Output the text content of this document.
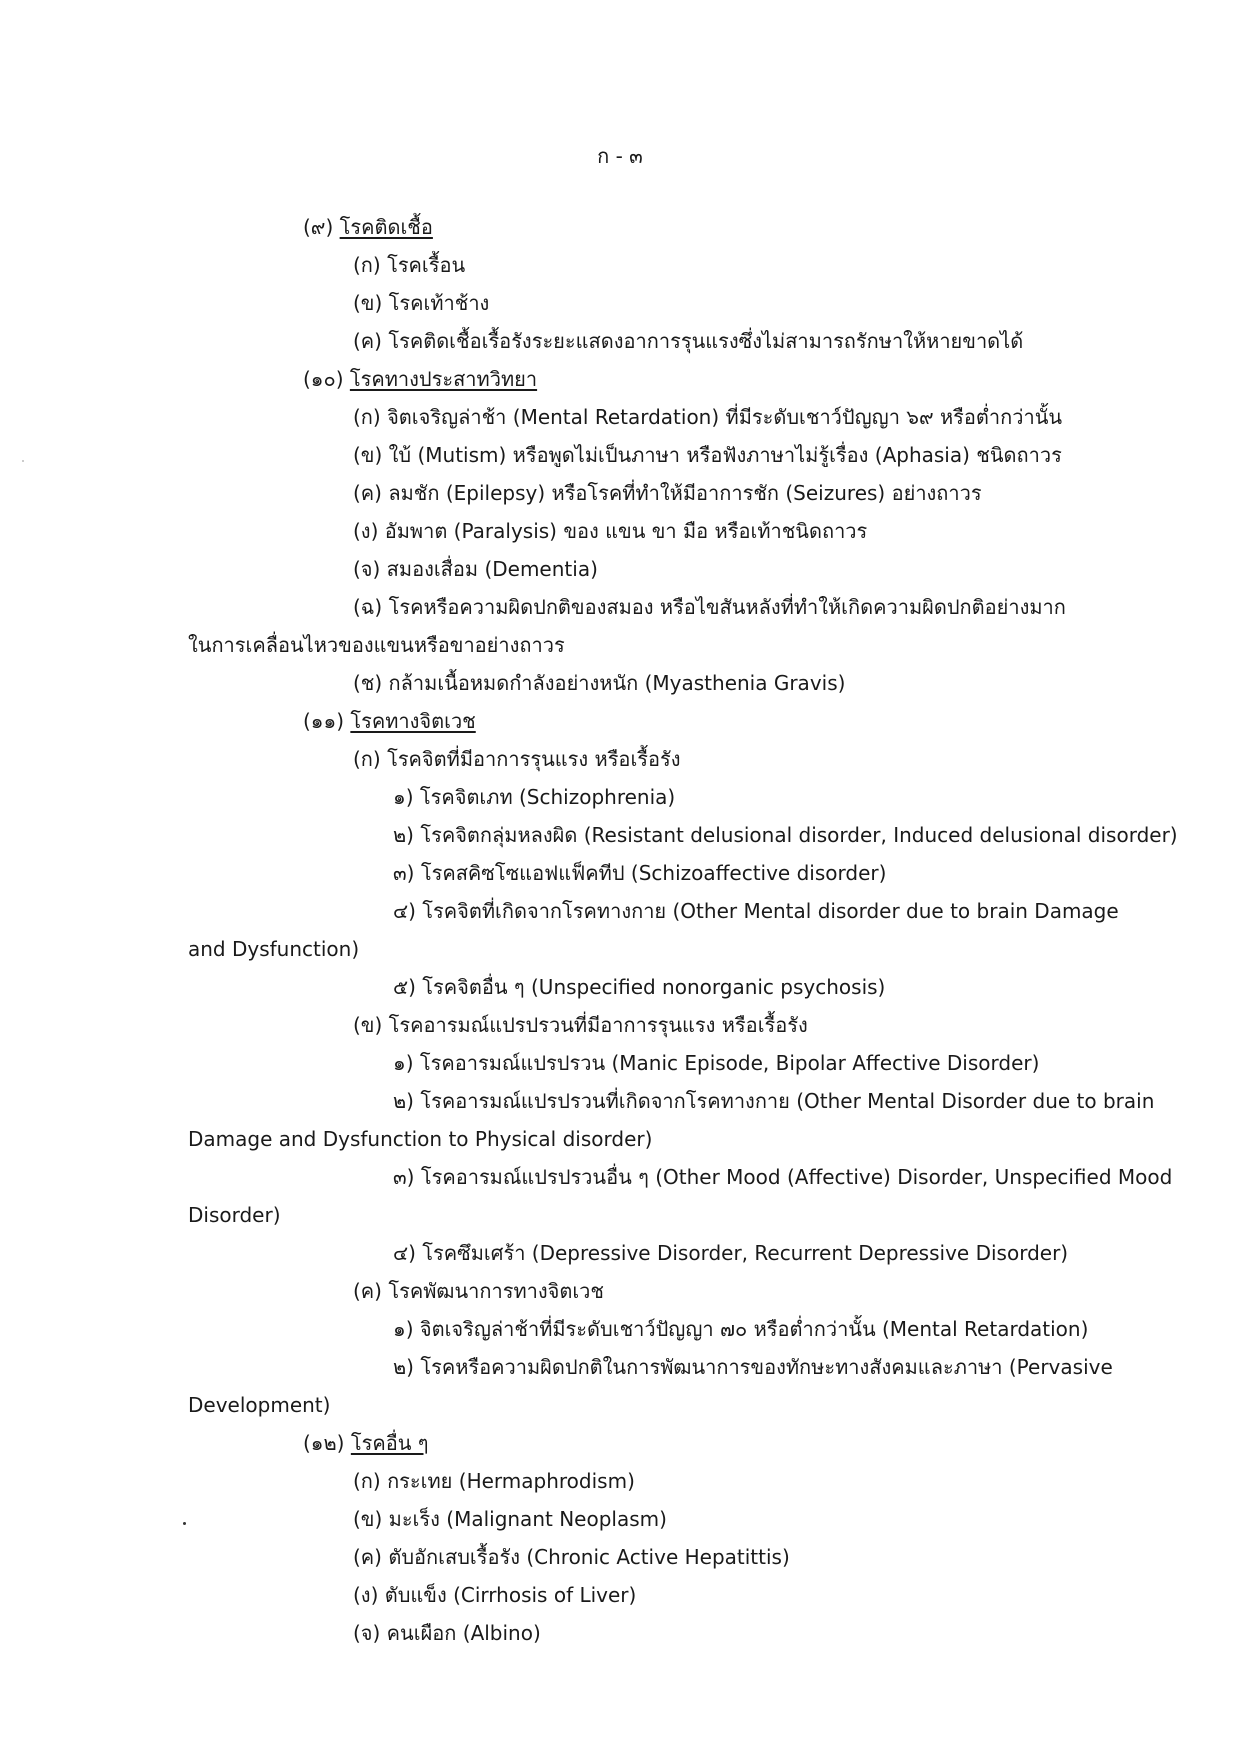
ก - ๓
(๙) โรคติดเชื้อ
(ก) โรคเรื้อน
(ข) โรคเท้าช้าง
(ค) โรคติดเชื้อเรื้อรังระยะแสดงอาการรุนแรงซึ่งไม่สามารถรักษาให้หายขาดได้
(๑๐) โรคทางประสาทวิทยา
(ก) จิตเจริญล่าช้า (Mental Retardation) ที่มีระดับเชาว์ปัญญา ๖๙ หรือต่ำกว่านั้น
(ข) ใบ้ (Mutism) หรือพูดไม่เป็นภาษา หรือฟังภาษาไม่รู้เรื่อง (Aphasia) ชนิดถาวร
(ค) ลมชัก (Epilepsy) หรือโรคที่ทำให้มีอาการชัก (Seizures) อย่างถาวร
(ง) อัมพาต (Paralysis) ของ แขน ขา มือ หรือเท้าชนิดถาวร
(จ) สมองเสื่อม (Dementia)
(ฉ) โรคหรือความผิดปกติของสมอง หรือไขสันหลังที่ทำให้เกิดความผิดปกติอย่างมาก
ในการเคลื่อนไหวของแขนหรือขาอย่างถาวร
(ช) กล้ามเนื้อหมดกำลังอย่างหนัก (Myasthenia Gravis)
(๑๑) โรคทางจิตเวช
(ก) โรคจิตที่มีอาการรุนแรง หรือเรื้อรัง
๑) โรคจิตเภท (Schizophrenia)
๒) โรคจิตกลุ่มหลงผิด (Resistant delusional disorder, Induced delusional disorder)
๓) โรคสคิซโซแอฟแฟ็คทีป (Schizoaffective disorder)
๔) โรคจิตที่เกิดจากโรคทางกาย (Other Mental disorder due to brain Damage
and Dysfunction)
๕) โรคจิตอื่น ๆ (Unspecified nonorganic psychosis)
(ข) โรคอารมณ์แปรปรวนที่มีอาการรุนแรง หรือเรื้อรัง
๑) โรคอารมณ์แปรปรวน (Manic Episode, Bipolar Affective Disorder)
๒) โรคอารมณ์แปรปรวนที่เกิดจากโรคทางกาย (Other Mental Disorder due to brain
Damage and Dysfunction to Physical disorder)
๓) โรคอารมณ์แปรปรวนอื่น ๆ (Other Mood (Affective) Disorder, Unspecified Mood
Disorder)
๔) โรคซึมเศร้า (Depressive Disorder, Recurrent Depressive Disorder)
(ค) โรคพัฒนาการทางจิตเวช
๑) จิตเจริญล่าช้าที่มีระดับเชาว์ปัญญา ๗๐ หรือต่ำกว่านั้น (Mental Retardation)
๒) โรคหรือความผิดปกติในการพัฒนาการของทักษะทางสังคมและภาษา (Pervasive
Development)
(๑๒) โรคอื่น ๆ
(ก) กระเทย (Hermaphrodism)
(ข) มะเร็ง (Malignant Neoplasm)
(ค) ตับอักเสบเรื้อรัง (Chronic Active Hepatittis)
(ง) ตับแข็ง (Cirrhosis of Liver)
(จ) คนเผือก (Albino)
